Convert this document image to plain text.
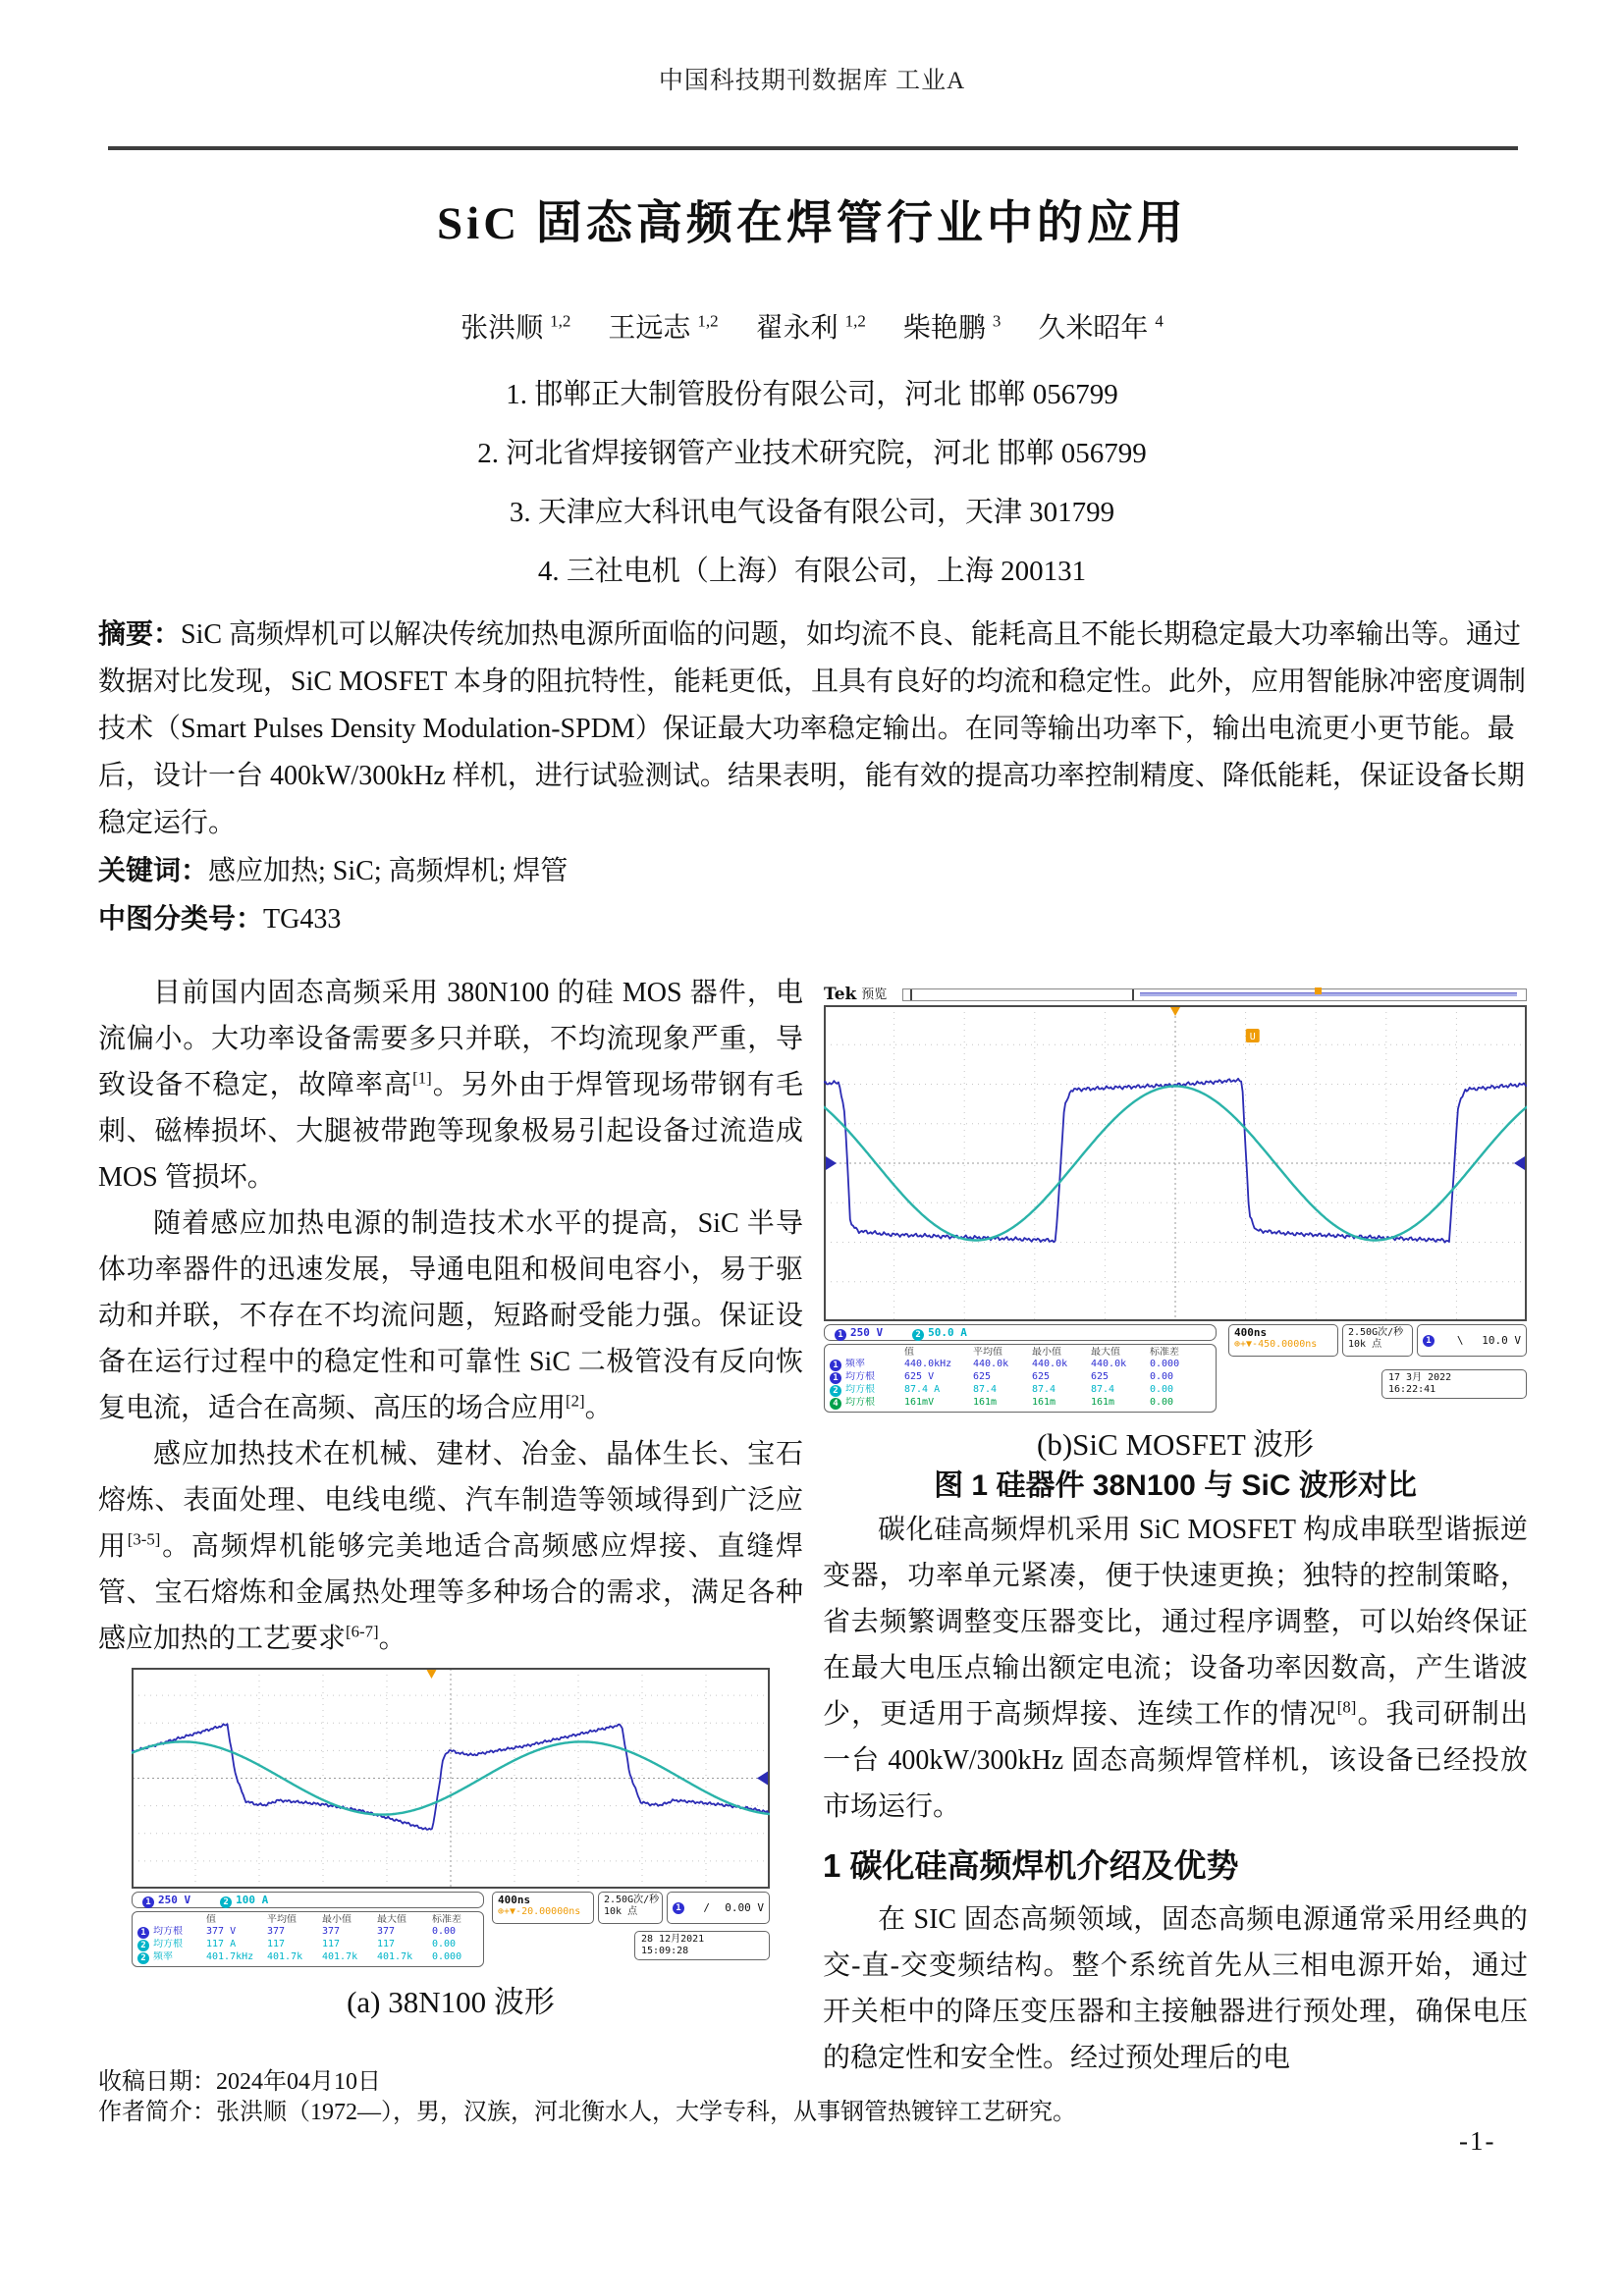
中国科技期刊数据库 工业A
SiC 固态高频在焊管行业中的应用
张洪顺 $^{1,2}$ 王远志 $^{1,2}$ 翟永利 $^{1,2}$ 柴艳鹏 $^3$ 久米昭年 $^4$
1. 邯郸正大制管股份有限公司，河北 邯郸 056799
2. 河北省焊接钢管产业技术研究院，河北 邯郸 056799
3. 天津应大科讯电气设备有限公司，天津 301799
4. 三社电机（上海）有限公司，上海 200131

摘要：SiC 高频焊机可以解决传统加热电源所面临的问题，如均流不良、能耗高且不能长期稳定最大功率输出等。通过数据对比发现，SiC MOSFET 本身的阻抗特性，能耗更低，且具有良好的均流和稳定性。此外，应用智能脉冲密度调制技术（Smart Pulses Density Modulation-SPDM）保证最大功率稳定输出。在同等输出功率下，输出电流更小更节能。最后，设计一台 400kW/300kHz 样机，进行试验测试。结果表明，能有效的提高功率控制精度、降低能耗，保证设备长期稳定运行。

关键词：感应加热; SiC; 高频焊机; 焊管

中图分类号：TG433

目前国内固态高频采用 380N100 的硅 MOS 器件，电流偏小。大功率设备需要多只并联，不均流现象严重，导致设备不稳定，故障率高[1]。另外由于焊管现场带钢有毛刺、磁棒损坏、大腿被带跑等现象极易引起设备过流造成 MOS 管损坏。

随着感应加热电源的制造技术水平的提高，SiC 半导体功率器件的迅速发展，导通电阻和极间电容小，易于驱动和并联，不存在不均流问题，短路耐受能力强。保证设备在运行过程中的稳定性和可靠性 SiC 二极管没有反向恢复电流，适合在高频、高压的场合应用[2]。

感应加热技术在机械、建材、冶金、晶体生长、宝石熔炼、表面处理、电线电缆、汽车制造等领域得到广泛应用[3-5]。高频焊机能够完美地适合高频感应焊接、直缝焊管、宝石熔炼和金属热处理等多种场合的需求，满足各种感应加热的工艺要求[6-7]。

1 250 V	2 100 A
值	平均值	最小值	最大值	标准差
1 均方根	377 V	377	377	377	0.00
2 均方根	117 A	117	117	117	0.00
2 频率	401.7kHz	401.7k	401.7k	401.7k	0.000
400ns
⊕+▼-20.00000ns
2.50G次/秒
10k 点	1 / 0.00 V
28 12月2021
15:09:28
(a) 38N100 波形
Tek 预览
U
1 250 V	2 50.0 A
值	平均值	最小值	最大值	标准差
1 频率	440.0kHz	440.0k	440.0k	440.0k	0.000
1 均方根	625 V	625	625	625	0.00
2 均方根	87.4 A	87.4	87.4	87.4	0.00
4 均方根	161mV	161m	161m	161m	0.00
400ns
⊕+▼-450.0000ns
2.50G次/秒
10k 点	1 \ 10.0 V
17 3月 2022
16:22:41
(b)SiC MOSFET 波形
图 1 硅器件 38N100 与 SiC 波形对比

碳化硅高频焊机采用 SiC MOSFET 构成串联型谐振逆变器，功率单元紧凑，便于快速更换；独特的控制策略，省去频繁调整变压器变比，通过程序调整，可以始终保证在最大电压点输出额定电流；设备功率因数高，产生谐波少，更适用于高频焊接、连续工作的情况[8]。我司研制出一台 400kW/300kHz 固态高频焊管样机，该设备已经投放市场运行。

1 碳化硅高频焊机介绍及优势

在 SIC 固态高频领域，固态高频电源通常采用经典的交-直-交变频结构。整个系统首先从三相电源开始，通过开关柜中的降压变压器和主接触器进行预处理，确保电压的稳定性和安全性。经过预处理后的电

收稿日期：2024年04月10日
作者简介：张洪顺（1972—），男，汉族，河北衡水人，大学专科，从事钢管热镀锌工艺研究。
-1-
